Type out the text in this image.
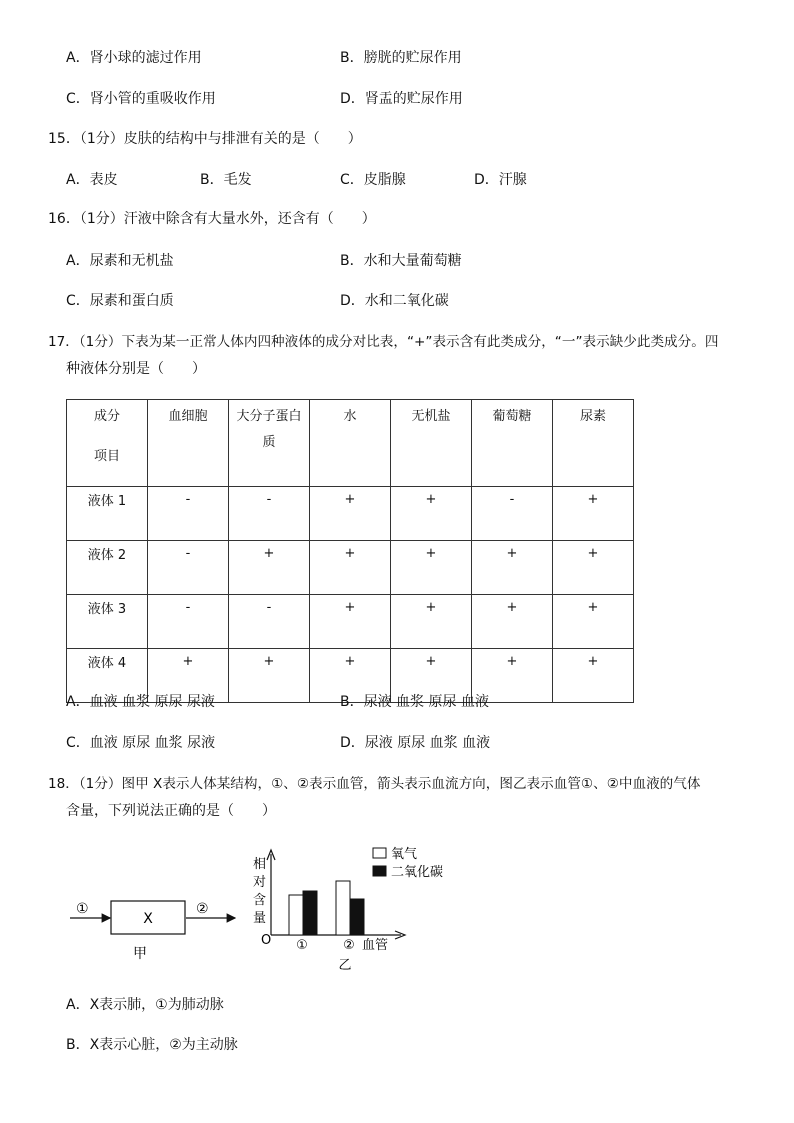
A．肾小球的滤过作用	B．膀胱的贮尿作用
C．肾小管的重吸收作用	D．肾盂的贮尿作用
15．（1分）皮肤的结构中与排泄有关的是（　　）
A．表皮	B．毛发	C．皮脂腺	D．汗腺
16．（1分）汗液中除含有大量水外，还含有（　　）
A．尿素和无机盐	B．水和大量葡萄糖
C．尿素和蛋白质	D．水和二氧化碳
17．（1分）下表为某一正常人体内四种液体的成分对比表，“+”表示含有此类成分，“一”表示缺少此类成分。四
种液体分别是（　　）
成分
项目	血细胞	大分子蛋白质	水	无机盐	葡萄糖	尿素

液体 1	-	-	+	+	-	+

液体 2	-	+	+	+	+	+

液体 3	-	-	+	+	+	+

液体 4	+	+	+	+	+	+
A．血液 血浆 原尿 尿液	B．尿液 血浆 原尿 血液
C．血液 原尿 血浆 尿液	D．尿液 原尿 血浆 血液
18．（1分）图甲 X表示人体某结构，①、②表示血管，箭头表示血流方向，图乙表示血管①、②中血液的气体
含量，下列说法正确的是（　　）
①
X
②
甲
O
相 对 含 量
①	② 血管
乙
氧气
二氧化碳
A．X表示肺，①为肺动脉
B．X表示心脏，②为主动脉
